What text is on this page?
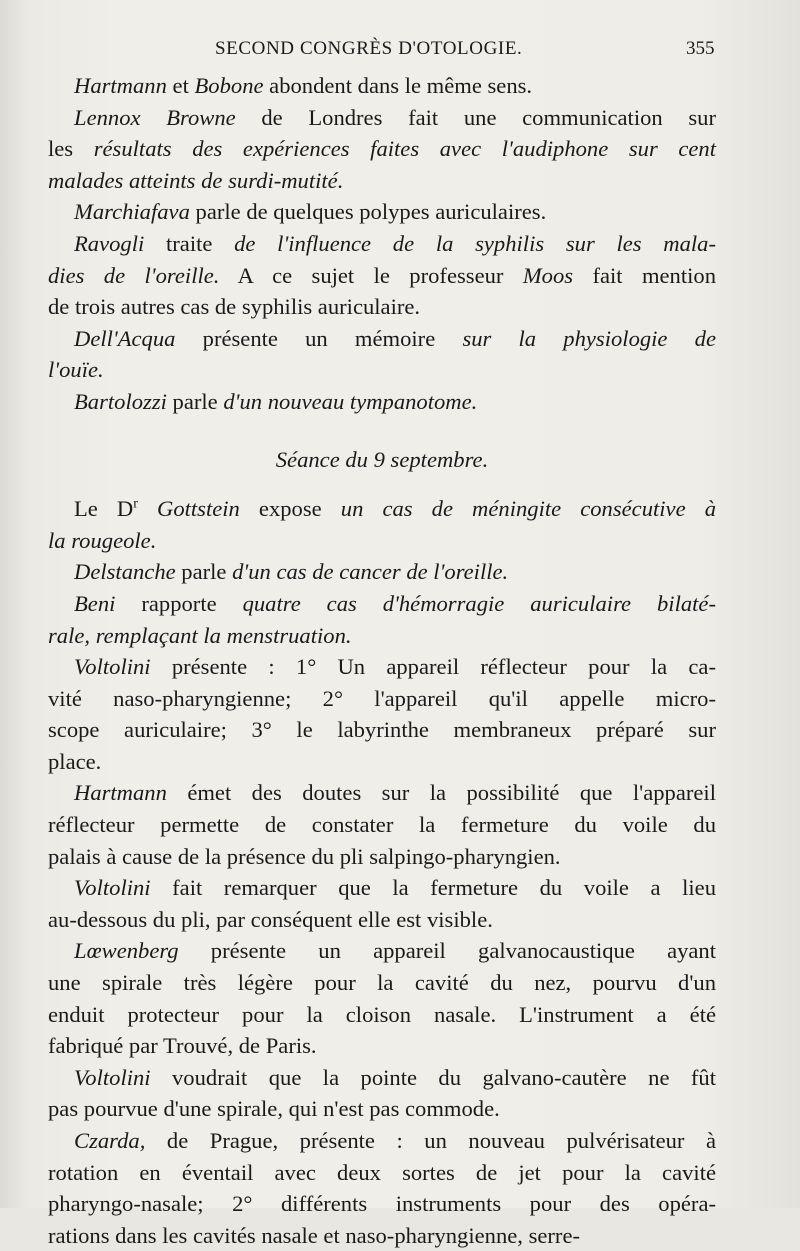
SECOND CONGRÈS D'OTOLOGIE.	355
Hartmann et Bobone abondent dans le même sens.
Lennox Browne de Londres fait une communication sur
les résultats des expériences faites avec l'audiphone sur cent
malades atteints de surdi-mutité.
Marchiafava parle de quelques polypes auriculaires.
Ravogli traite de l'influence de la syphilis sur les mala-
dies de l'oreille. A ce sujet le professeur Moos fait mention
de trois autres cas de syphilis auriculaire.
Dell'Acqua présente un mémoire sur la physiologie de
l'ouïe.
Bartolozzi parle d'un nouveau tympanotome.

Séance du 9 septembre.

Le $D^r$ Gottstein expose un cas de méningite consécutive à
la rougeole.
Delstanche parle d'un cas de cancer de l'oreille.
Beni rapporte quatre cas d'hémorragie auriculaire bilaté-
rale, remplaçant la menstruation.
Voltolini présente : 1° Un appareil réflecteur pour la ca-
vité naso-pharyngienne; 2° l'appareil qu'il appelle micro-
scope auriculaire; 3° le labyrinthe membraneux préparé sur
place.
Hartmann émet des doutes sur la possibilité que l'appareil
réflecteur permette de constater la fermeture du voile du
palais à cause de la présence du pli salpingo-pharyngien.
Voltolini fait remarquer que la fermeture du voile a lieu
au-dessous du pli, par conséquent elle est visible.
Lœwenberg présente un appareil galvanocaustique ayant
une spirale très légère pour la cavité du nez, pourvu d'un
enduit protecteur pour la cloison nasale. L'instrument a été
fabriqué par Trouvé, de Paris.
Voltolini voudrait que la pointe du galvano-cautère ne fût
pas pourvue d'une spirale, qui n'est pas commode.
Czarda, de Prague, présente : un nouveau pulvérisateur à
rotation en éventail avec deux sortes de jet pour la cavité
pharyngo-nasale; 2° différents instruments pour des opéra-
rations dans les cavités nasale et naso-pharyngienne, serre-
